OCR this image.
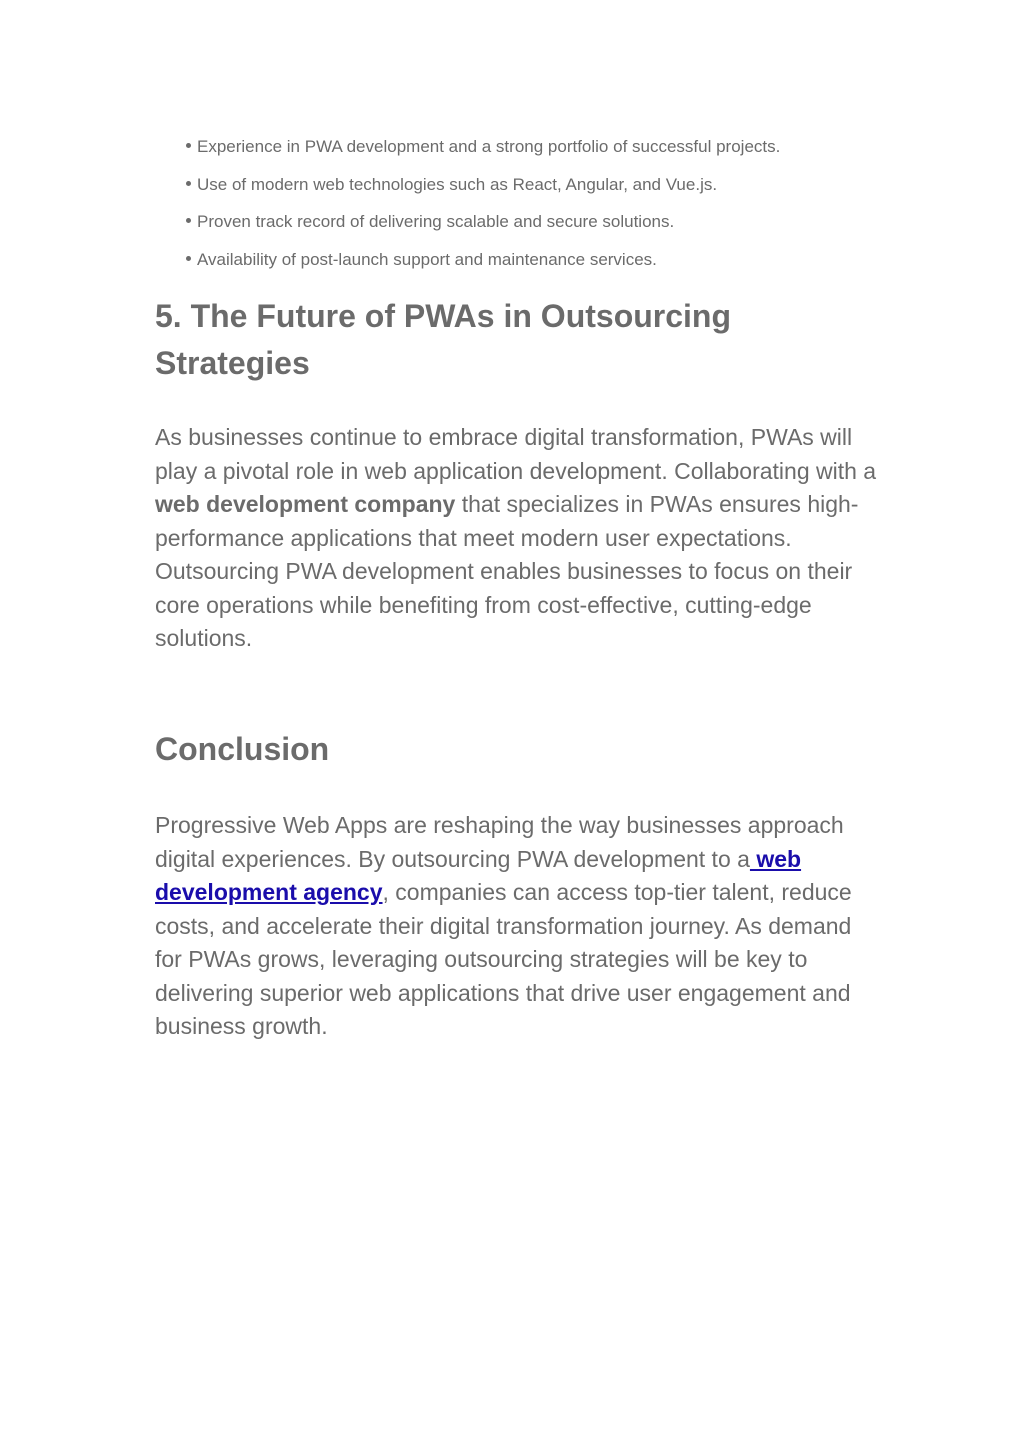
Experience in PWA development and a strong portfolio of successful projects.
Use of modern web technologies such as React, Angular, and Vue.js.
Proven track record of delivering scalable and secure solutions.
Availability of post-launch support and maintenance services.
5. The Future of PWAs in Outsourcing
Strategies

As businesses continue to embrace digital transformation, PWAs will play a pivotal role in web application development. Collaborating with a web development company that specializes in PWAs ensures high-performance applications that meet modern user expectations. Outsourcing PWA development enables businesses to focus on their core operations while benefiting from cost-effective, cutting-edge solutions.

Conclusion

Progressive Web Apps are reshaping the way businesses approach digital experiences. By outsourcing PWA development to a web development agency, companies can access top-tier talent, reduce costs, and accelerate their digital transformation journey. As demand for PWAs grows, leveraging outsourcing strategies will be key to delivering superior web applications that drive user engagement and business growth.
